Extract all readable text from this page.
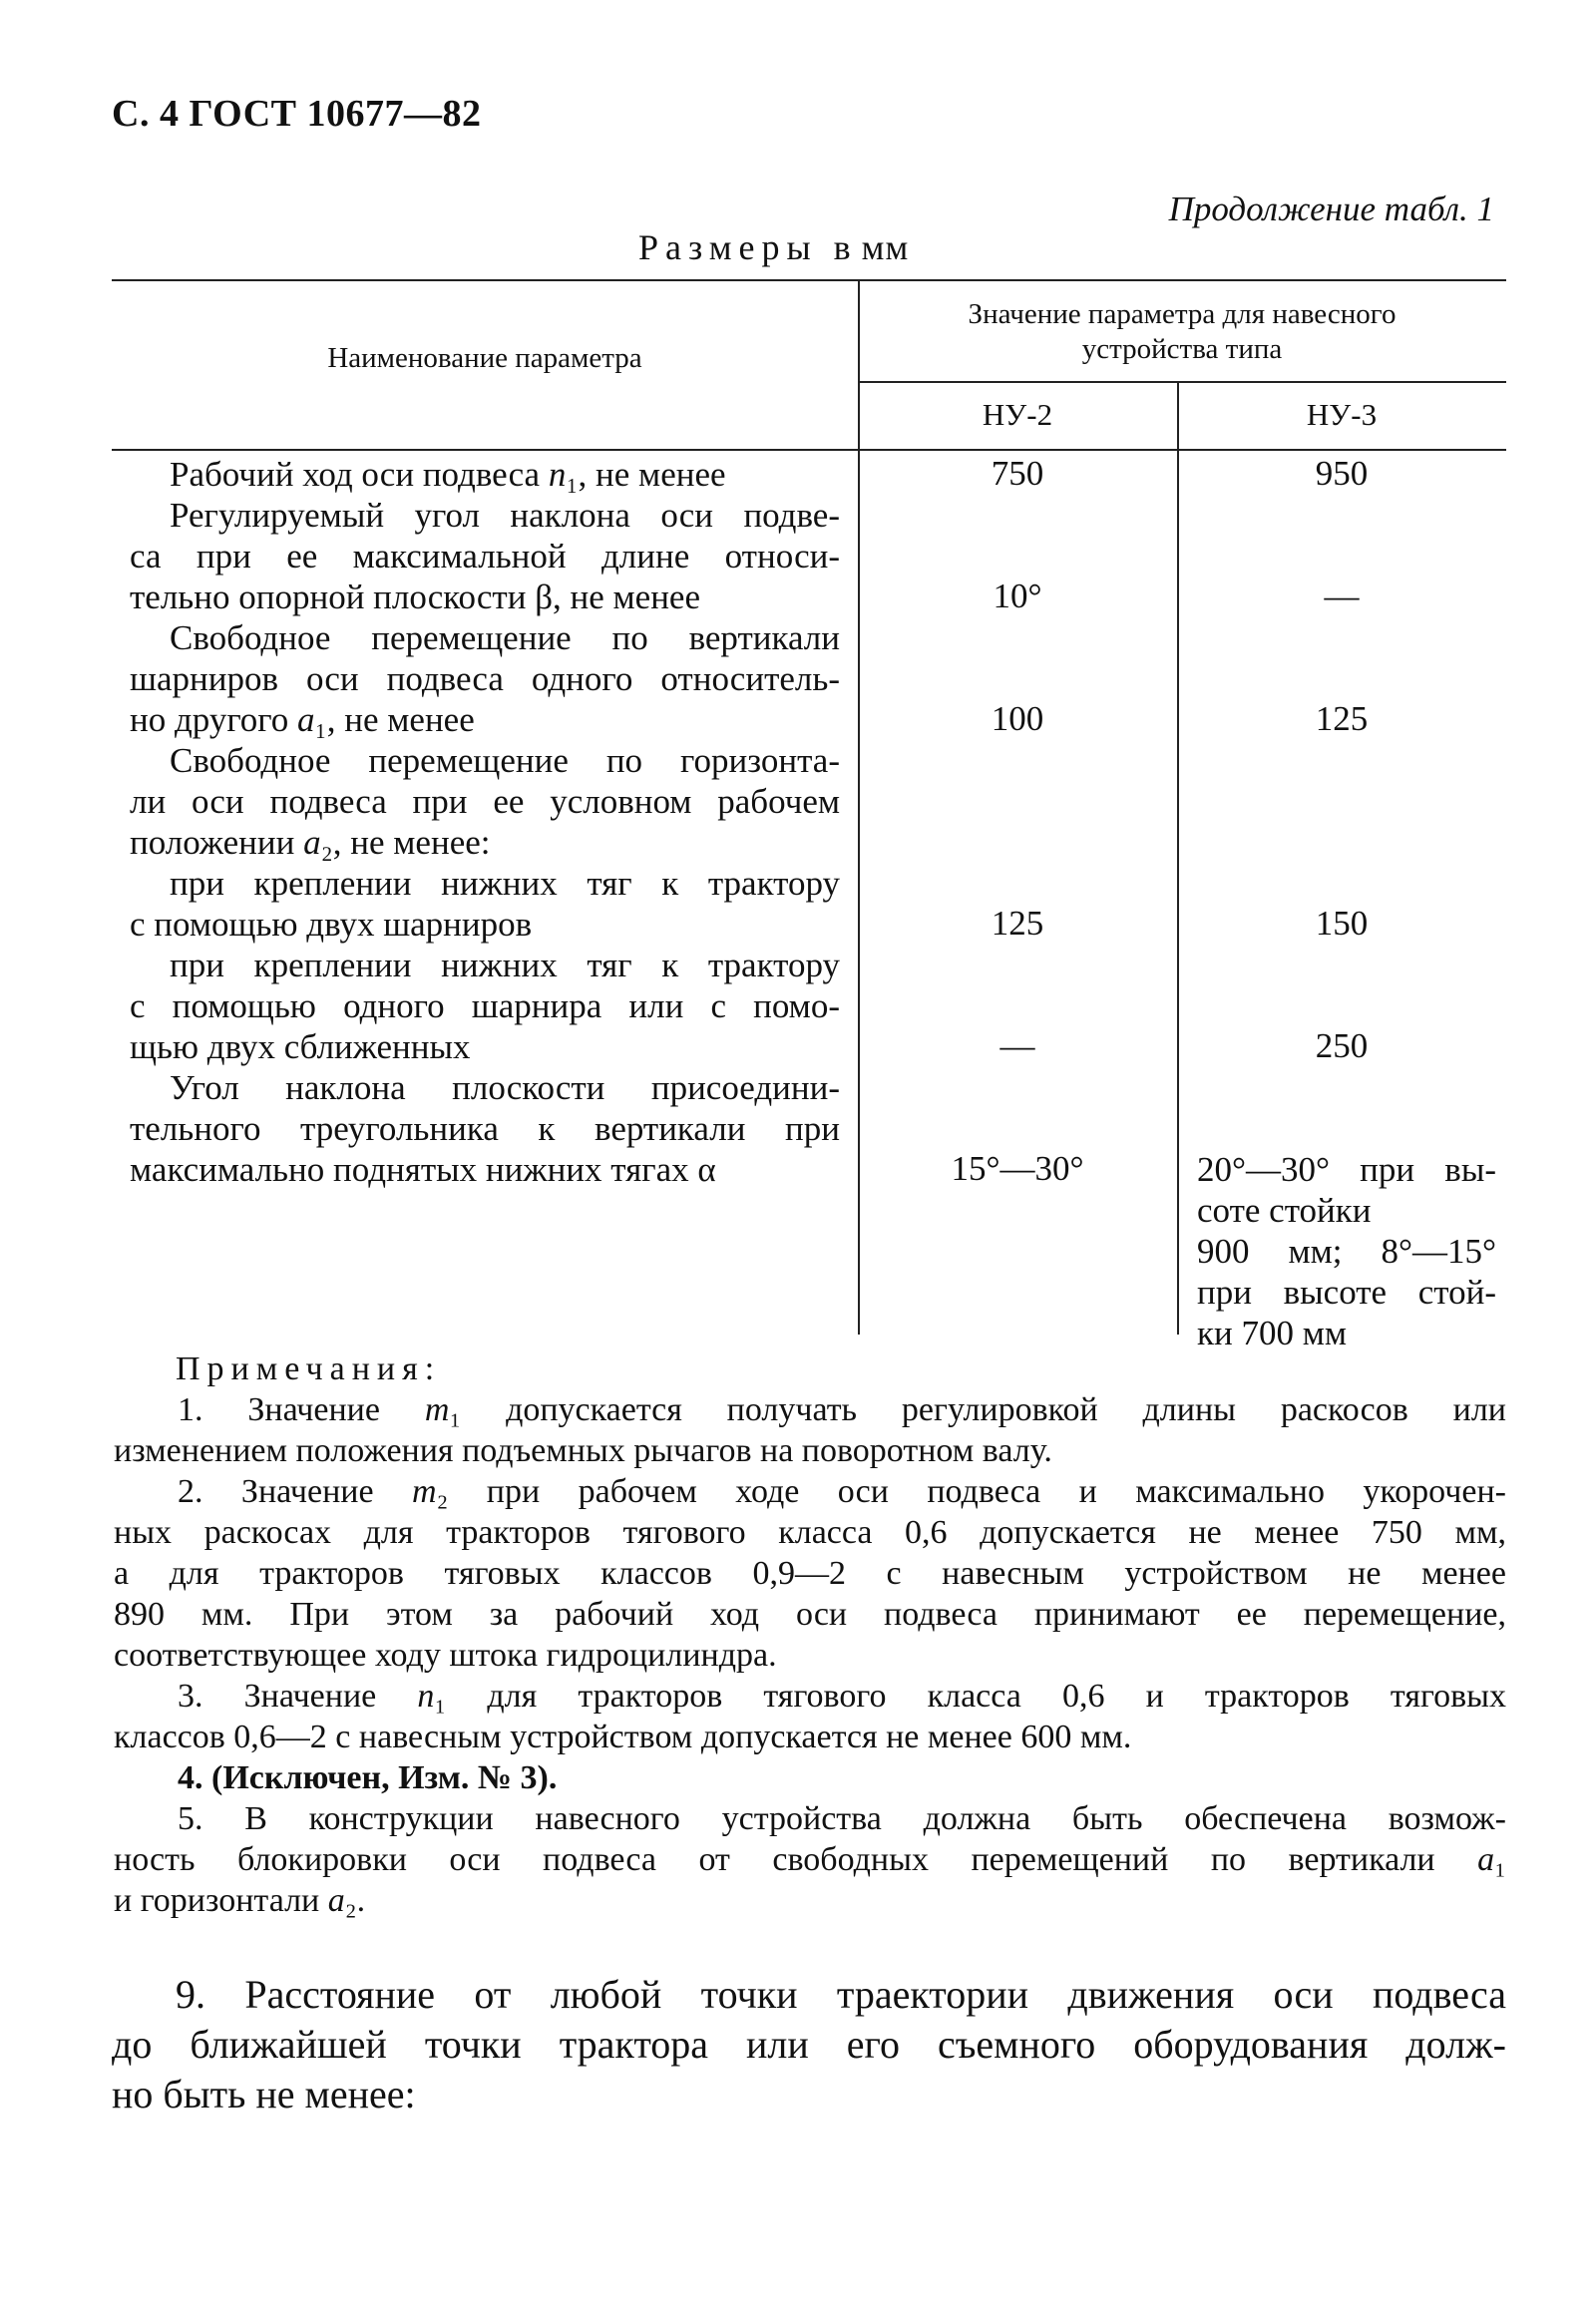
С. 4 ГОСТ 10677—82
Продолжение табл. 1
Размеры в мм
Наименование параметра
Значение параметра для навесного
устройства типа
НУ-2	НУ-3
Рабочий ход оси подвеса n₁, не менее
Регулируемый угол наклона оси подве-
са при ее максимальной длине относи-
тельно опорной плоскости β, не менее
Свободное перемещение по вертикали
шарниров оси подвеса одного относитель-
но другого a₁, не менее
Свободное перемещение по горизонта-
ли оси подвеса при ее условном рабочем
положении a₂, не менее:
при креплении нижних тяг к трактору
с помощью двух шарниров
при креплении нижних тяг к трактору
с помощью одного шарнира или с помо-
щью двух сближенных
Угол наклона плоскости присоедини-
тельного треугольника к вертикали при
максимально поднятых нижних тягах α
750
10°
100
125
—
15°—30°
950
—
125
150
250
20°—30° при вы-
соте стойки
900 мм; 8°—15°
при высоте стой-
ки 700 мм
Примечания:
1. Значение m₁ допускается получать регулировкой длины раскосов или
изменением положения подъемных рычагов на поворотном валу.
2. Значение m₂ при рабочем ходе оси подвеса и максимально укорочен-
ных раскосах для тракторов тягового класса 0,6 допускается не менее 750 мм,
а для тракторов тяговых классов 0,9—2 с навесным устройством не менее
890 мм. При этом за рабочий ход оси подвеса принимают ее перемещение,
соответствующее ходу штока гидроцилиндра.
3. Значение n₁ для тракторов тягового класса 0,6 и тракторов тяговых
классов 0,6—2 с навесным устройством допускается не менее 600 мм.
4. (Исключен, Изм. № 3).
5. В конструкции навесного устройства должна быть обеспечена возмож-
ность блокировки оси подвеса от свободных перемещений по вертикали a₁
и горизонтали a₂.
9. Расстояние от любой точки траектории движения оси подвеса
до ближайшей точки трактора или его съемного оборудования долж-
но быть не менее:
